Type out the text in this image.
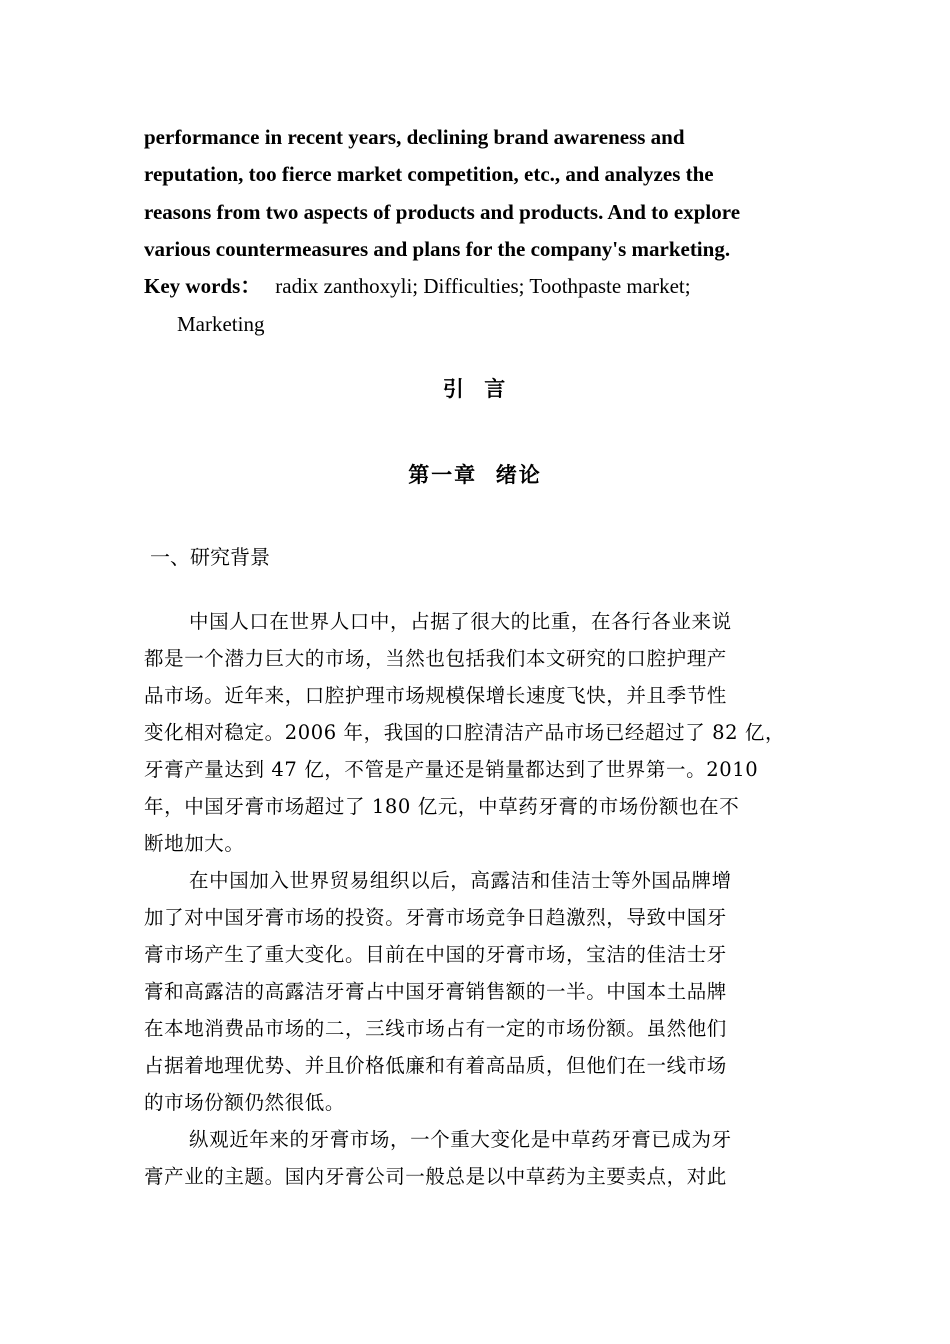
performance in recent years, declining brand awareness and
reputation, too fierce market competition, etc., and analyzes the
reasons from two aspects of products and products. And to explore
various countermeasures and plans for the company's marketing.
Key words： radix zanthoxyli; Difficulties; Toothpaste market;
Marketing
引  言
第一章  绪论
一、研究背景
中国人口在世界人口中，占据了很大的比重，在各行各业来说
都是一个潜力巨大的市场，当然也包括我们本文研究的口腔护理产
品市场。近年来，口腔护理市场规模保增长速度飞快，并且季节性
变化相对稳定。2006 年，我国的口腔清洁产品市场已经超过了 82 亿，
牙膏产量达到 47 亿，不管是产量还是销量都达到了世界第一。2010
年，中国牙膏市场超过了 180 亿元，中草药牙膏的市场份额也在不
断地加大。
在中国加入世界贸易组织以后，高露洁和佳洁士等外国品牌增
加了对中国牙膏市场的投资。牙膏市场竞争日趋激烈，导致中国牙
膏市场产生了重大变化。目前在中国的牙膏市场，宝洁的佳洁士牙
膏和高露洁的高露洁牙膏占中国牙膏销售额的一半。中国本土品牌
在本地消费品市场的二，三线市场占有一定的市场份额。虽然他们
占据着地理优势、并且价格低廉和有着高品质，但他们在一线市场
的市场份额仍然很低。
纵观近年来的牙膏市场，一个重大变化是中草药牙膏已成为牙
膏产业的主题。国内牙膏公司一般总是以中草药为主要卖点，对此
